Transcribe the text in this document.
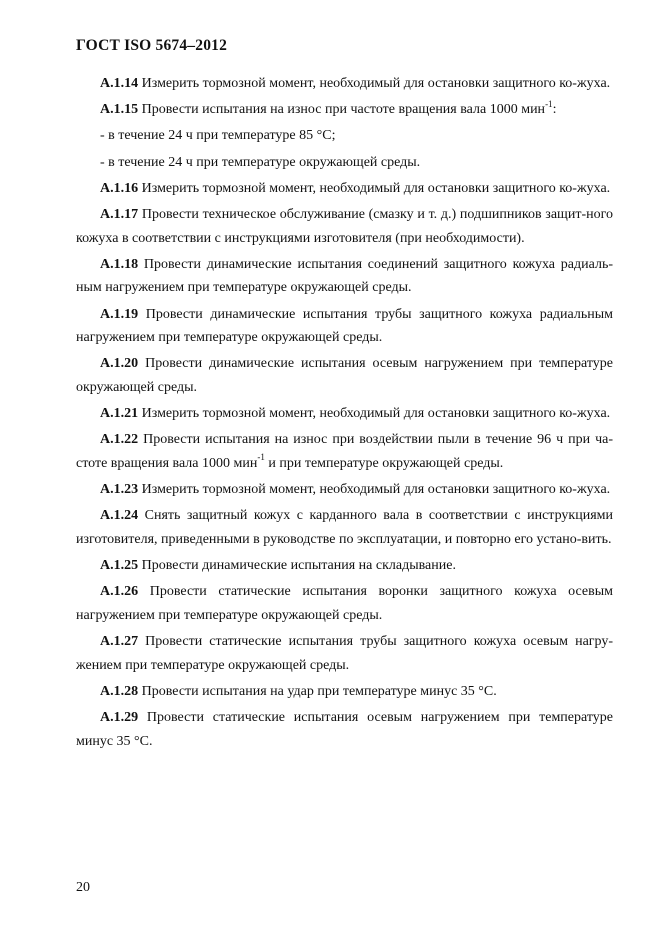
ГОСТ ISO 5674–2012

А.1.14 Измерить тормозной момент, необходимый для остановки защитного ко-жуха.

А.1.15 Провести испытания на износ при частоте вращения вала 1000 мин$^{-1}$:

- в течение 24 ч при температуре 85 °С;

- в течение 24 ч при температуре окружающей среды.

А.1.16 Измерить тормозной момент, необходимый для остановки защитного ко-жуха.

А.1.17 Провести техническое обслуживание (смазку и т. д.) подшипников защит-ного кожуха в соответствии с инструкциями изготовителя (при необходимости).

А.1.18 Провести динамические испытания соединений защитного кожуха радиаль-ным нагружением при температуре окружающей среды.

А.1.19 Провести динамические испытания трубы защитного кожуха радиальным нагружением при температуре окружающей среды.

А.1.20 Провести динамические испытания осевым нагружением при температуре окружающей среды.

А.1.21 Измерить тормозной момент, необходимый для остановки защитного ко-жуха.

А.1.22 Провести испытания на износ при воздействии пыли в течение 96 ч при ча-стоте вращения вала 1000 мин$^{-1}$ и при температуре окружающей среды.

А.1.23 Измерить тормозной момент, необходимый для остановки защитного ко-жуха.

А.1.24 Снять защитный кожух с карданного вала в соответствии с инструкциями изготовителя, приведенными в руководстве по эксплуатации, и повторно его устано-вить.

А.1.25 Провести динамические испытания на складывание.

А.1.26 Провести статические испытания воронки защитного кожуха осевым нагружением при температуре окружающей среды.

А.1.27 Провести статические испытания трубы защитного кожуха осевым нагру-жением при температуре окружающей среды.

А.1.28 Провести испытания на удар при температуре минус 35 °С.

А.1.29 Провести статические испытания осевым нагружением при температуре минус 35 °С.

20
